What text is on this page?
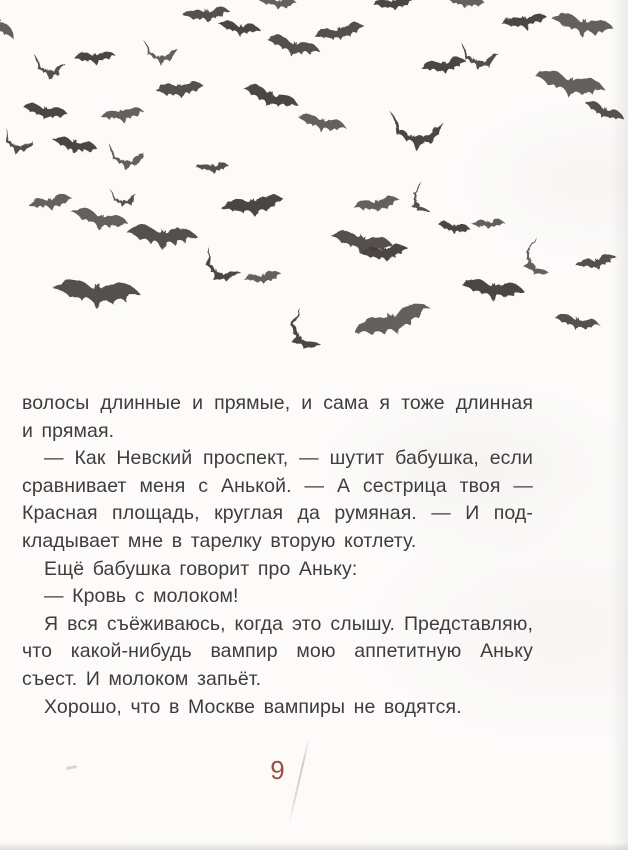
волосы длинные и прямые, и сама я тоже длинная
и прямая.
— Как Невский проспект, — шутит бабушка, если
сравнивает меня с Анькой. — А сестрица твоя —
Красная площадь, круглая да румяная. — И под-
кладывает мне в тарелку вторую котлету.
Ещё бабушка говорит про Аньку:
— Кровь с молоком!
Я вся съёживаюсь, когда это слышу. Представляю,
что какой-нибудь вампир мою аппетитную Аньку
съест. И молоком запьёт.
Хорошо, что в Москве вампиры не водятся.
9
